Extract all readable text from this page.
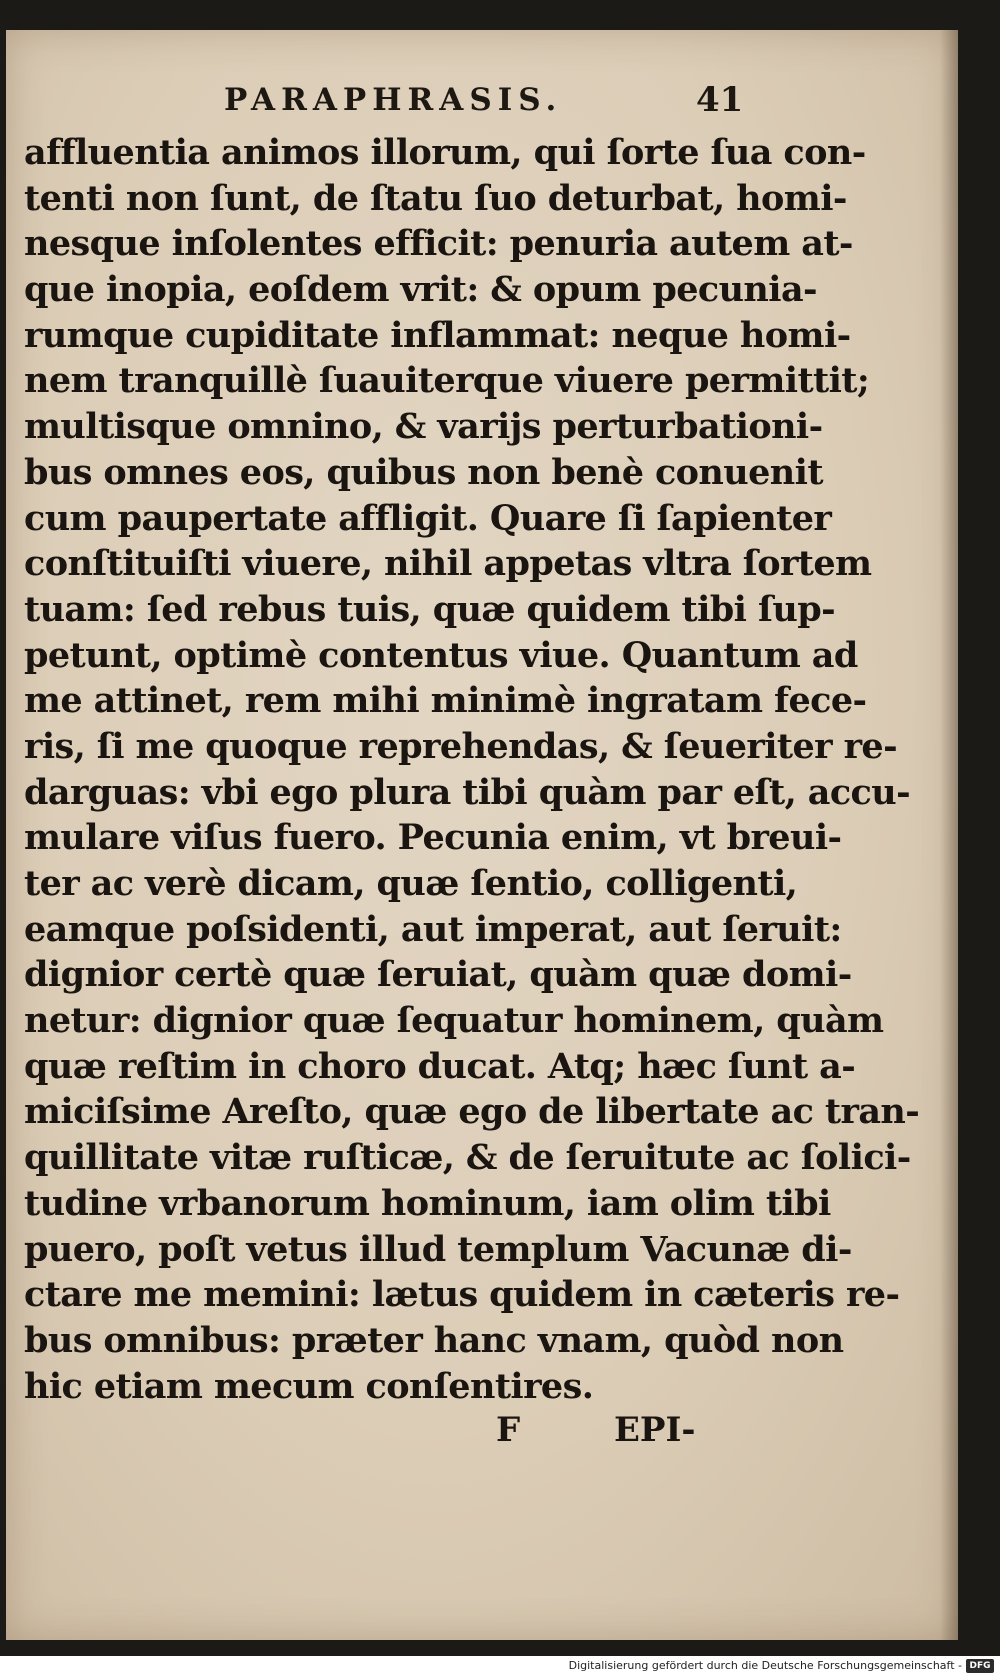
PARAPHRASIS.	41
affluentia animos illorum, qui ſorte ſua con-
tenti non ſunt, de ſtatu ſuo deturbat, homi-
nesque inſolentes efficit: penuria autem at-
que inopia, eoſdem vrit: & opum pecunia-
rumque cupiditate inflammat: neque homi-
nem tranquillè ſuauiterque viuere permittit;
multisque omnino, & varijs perturbationi-
bus omnes eos, quibus non benè conuenit
cum paupertate affligit. Quare ſi ſapienter
conſtituiſti viuere, nihil appetas vltra ſortem
tuam: ſed rebus tuis, quæ quidem tibi ſup-
petunt, optimè contentus viue. Quantum ad
me attinet, rem mihi minimè ingratam fece-
ris, ſi me quoque reprehendas, & ſeueriter re-
darguas: vbi ego plura tibi quàm par eſt, accu-
mulare viſus fuero. Pecunia enim, vt breui-
ter ac verè dicam, quæ ſentio, colligenti,
eamque poſsidenti, aut imperat, aut ſeruit:
dignior certè quæ ſeruiat, quàm quæ domi-
netur: dignior quæ ſequatur hominem, quàm
quæ reſtim in choro ducat. Atq; hæc ſunt a-
miciſsime Areſto, quæ ego de libertate ac tran-
quillitate vitæ ruſticæ, & de ſeruitute ac ſolici-
tudine vrbanorum hominum, iam olim tibi
puero, poſt vetus illud templum Vacunæ di-
ctare me memini: lætus quidem in cæteris re-
bus omnibus: præter hanc vnam, quòd non
hic etiam mecum conſentires.
F	EPI-
Digitalisierung gefördert durch die Deutsche Forschungsgemeinschaft - DFG
